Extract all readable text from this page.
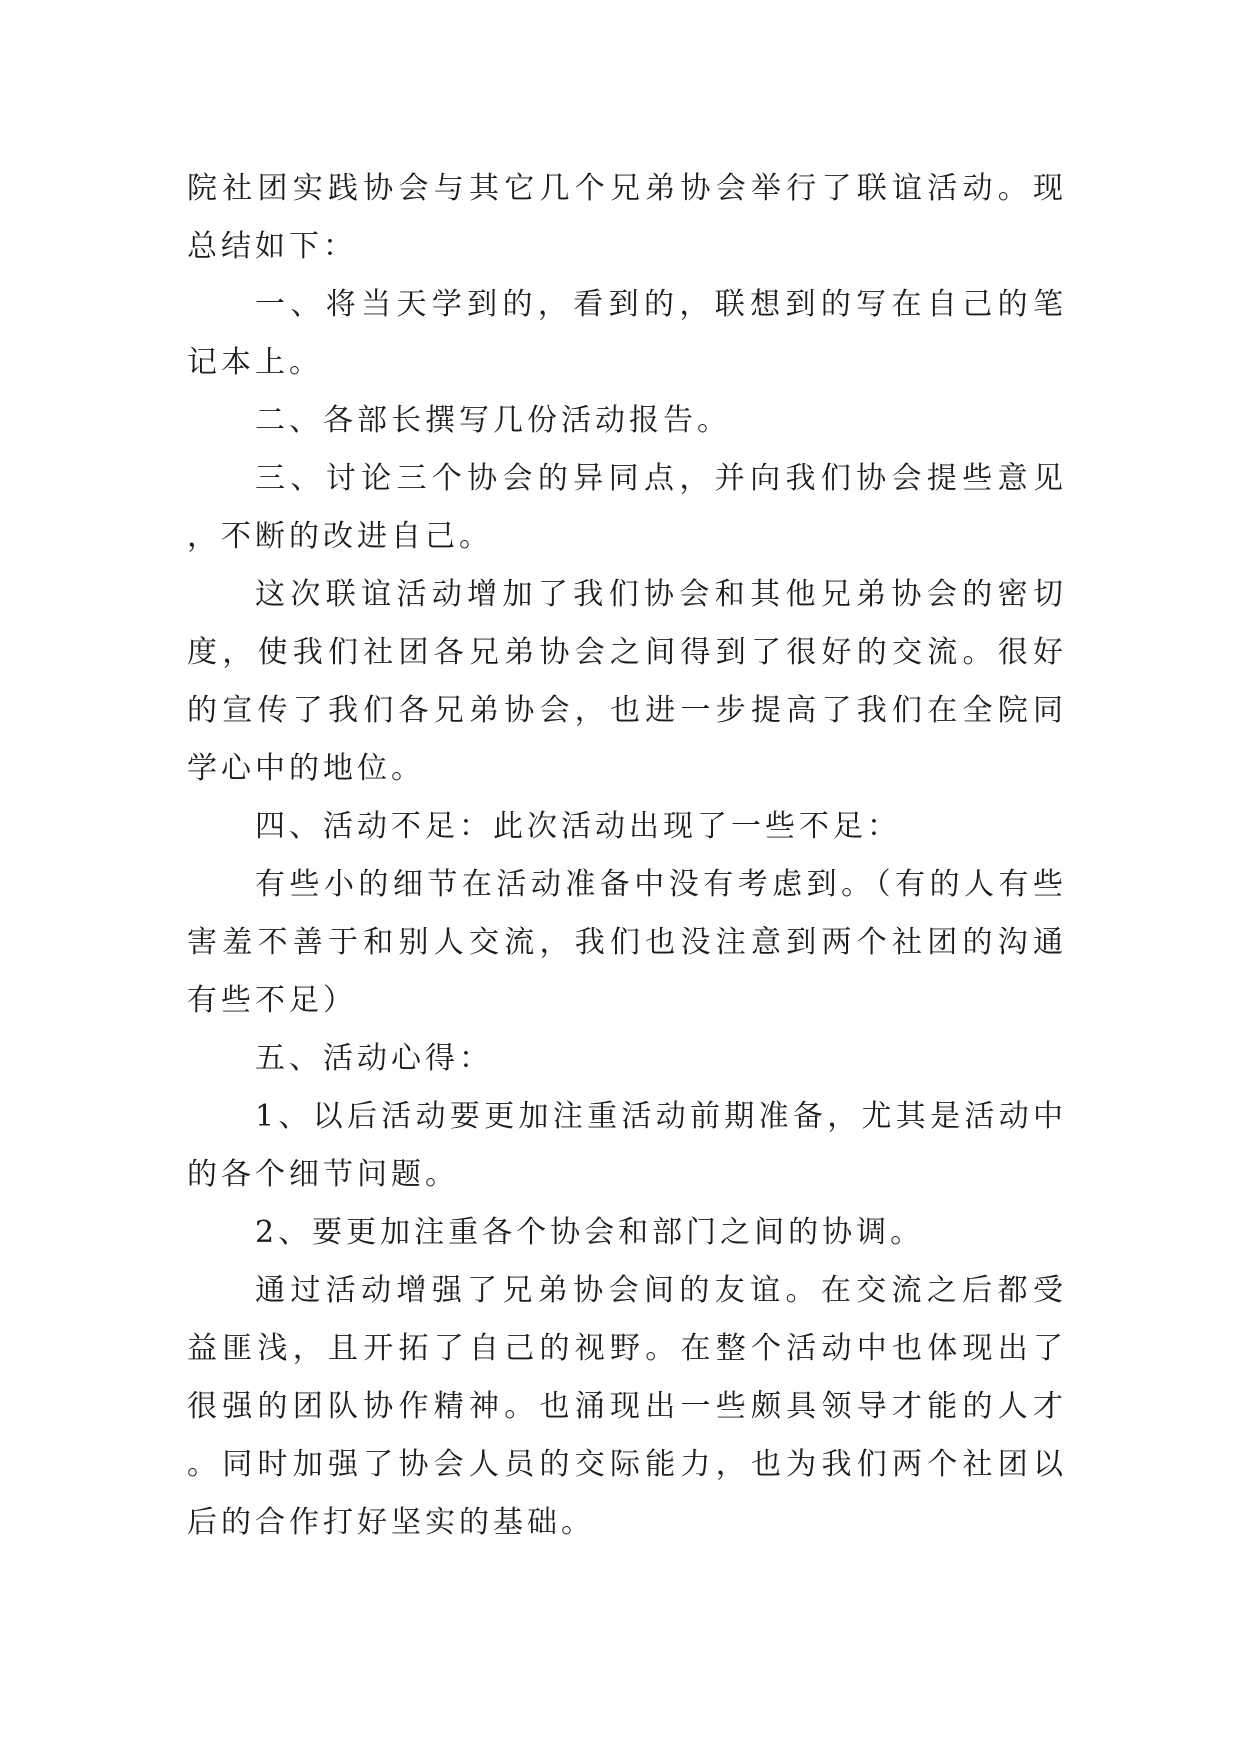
院社团实践协会与其它几个兄弟协会举行了联谊活动。现总结如下：

一、将当天学到的，看到的，联想到的写在自己的笔记本上。

二、各部长撰写几份活动报告。

三、讨论三个协会的异同点，并向我们协会提些意见，不断的改进自己。

这次联谊活动增加了我们协会和其他兄弟协会的密切度，使我们社团各兄弟协会之间得到了很好的交流。很好的宣传了我们各兄弟协会，也进一步提高了我们在全院同学心中的地位。

四、活动不足：此次活动出现了一些不足：

有些小的细节在活动准备中没有考虑到。（有的人有些害羞不善于和别人交流，我们也没注意到两个社团的沟通有些不足）

五、活动心得：

1、以后活动要更加注重活动前期准备，尤其是活动中的各个细节问题。

2、要更加注重各个协会和部门之间的协调。

通过活动增强了兄弟协会间的友谊。在交流之后都受益匪浅，且开拓了自己的视野。在整个活动中也体现出了很强的团队协作精神。也涌现出一些颇具领导才能的人才。同时加强了协会人员的交际能力，也为我们两个社团以后的合作打好坚实的基础。
